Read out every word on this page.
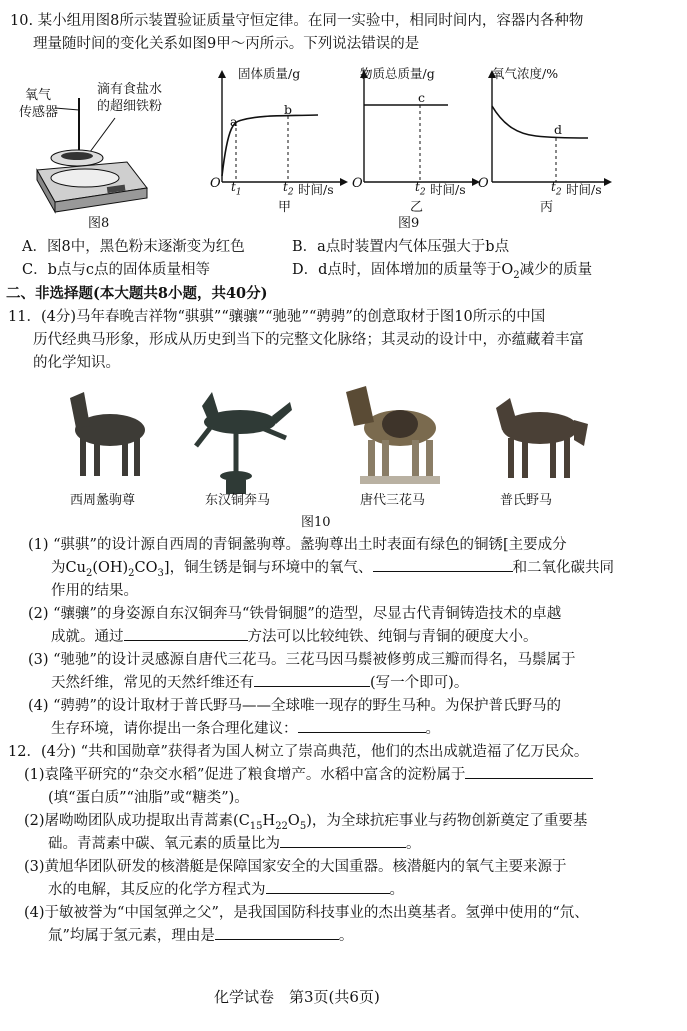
10. 某小组用图8所示装置验证质量守恒定律。在同一实验中，相同时间内，容器内各种物
理量随时间的变化关系如图9甲～丙所示。下列说法错误的是
氧气
传感器
滴有食盐水
的超细铁粉
图8
固体质量/g
a
b
O $t_1$	$t_2$ 时间/s
甲
物质总质量/g
c
O	$t_2$ 时间/s
乙
氧气浓度/%
d
O	$t_2$ 时间/s
丙
图9
A．图8中，黑色粉末逐渐变为红色	B．a点时装置内气体压强大于b点
C．b点与c点的固体质量相等	D．d点时，固体增加的质量等于$O_2$减少的质量
二、非选择题(本大题共8小题，共40分)
11．(4分)马年春晚吉祥物“骐骐”“骧骧”“驰驰”“骋骋”的创意取材于图10所示的中国
历代经典马形象，形成从历史到当下的完整文化脉络；其灵动的设计中，亦蕴藏着丰富
的化学知识。
西周盠驹尊	东汉铜奔马	唐代三花马	普氏野马
图10
(1) “骐骐”的设计源自西周的青铜盠驹尊。盠驹尊出土时表面有绿色的铜锈[主要成分
为$Cu_2(OH)_2CO_3$]，铜生锈是铜与环境中的氧气、	和二氧化碳共同
作用的结果。
(2) “骧骧”的身姿源自东汉铜奔马“铁骨铜腿”的造型，尽显古代青铜铸造技术的卓越
成就。通过	方法可以比较纯铁、纯铜与青铜的硬度大小。
(3) “驰驰”的设计灵感源自唐代三花马。三花马因马鬃被修剪成三瓣而得名，马鬃属于
天然纤维，常见的天然纤维还有	(写一个即可)。
(4) “骋骋”的设计取材于普氏野马——全球唯一现存的野生马种。为保护普氏野马的
生存环境，请你提出一条合理化建议：	。
12．(4分) “共和国勋章”获得者为国人树立了崇高典范，他们的杰出成就造福了亿万民众。
(1)袁隆平研究的“杂交水稻”促进了粮食增产。水稻中富含的淀粉属于
(填“蛋白质”“油脂”或“糖类”)。
(2)屠呦呦团队成功提取出青蒿素$(C_{15}H_{22}O_5)$，为全球抗疟事业与药物创新奠定了重要基
础。青蒿素中碳、氧元素的质量比为	。
(3)黄旭华团队研发的核潜艇是保障国家安全的大国重器。核潜艇内的氧气主要来源于
水的电解，其反应的化学方程式为	。
(4)于敏被誉为“中国氢弹之父”，是我国国防科技事业的杰出奠基者。氢弹中使用的“氘、
氚”均属于氢元素，理由是	。
化学试卷　第3页(共6页)
